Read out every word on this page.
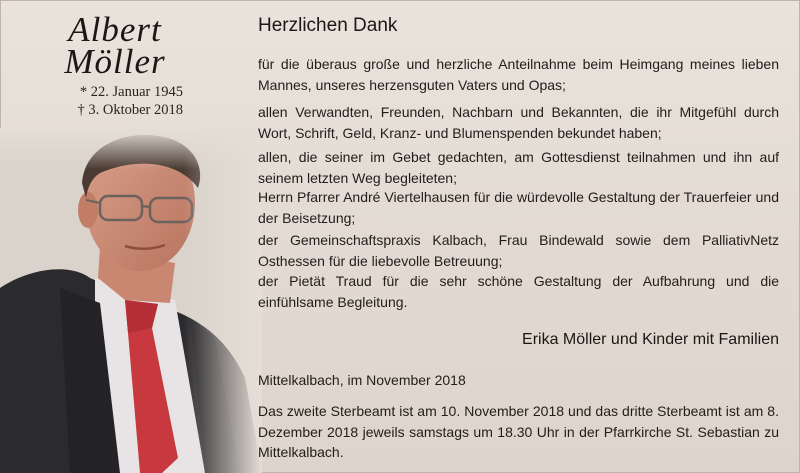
Albert
Möller
* 22. Januar 1945
† 3. Oktober 2018
Herzlichen Dank
für die überaus große und herzliche Anteilnahme beim Heimgang meines lieben Mannes, unseres herzensguten Vaters und Opas;
allen Verwandten, Freunden, Nachbarn und Bekannten, die ihr Mitgefühl durch Wort, Schrift, Geld, Kranz- und Blumenspenden bekundet haben;
allen, die seiner im Gebet gedachten, am Gottesdienst teilnahmen und ihn auf seinem letzten Weg begleiteten;
Herrn Pfarrer André Viertelhausen für die würdevolle Gestaltung der Trauerfeier und der Beisetzung;
der Gemeinschaftspraxis Kalbach, Frau Bindewald sowie dem PalliativNetz Osthessen für die liebevolle Betreuung;
der Pietät Traud für die sehr schöne Gestaltung der Aufbahrung und die einfühlsame Begleitung.
Erika Möller und Kinder mit Familien
Mittelkalbach, im November 2018
Das zweite Sterbeamt ist am 10. November 2018 und das dritte Sterbeamt ist am 8. Dezember 2018 jeweils samstags um 18.30 Uhr in der Pfarrkirche St. Sebastian zu Mittelkalbach.
